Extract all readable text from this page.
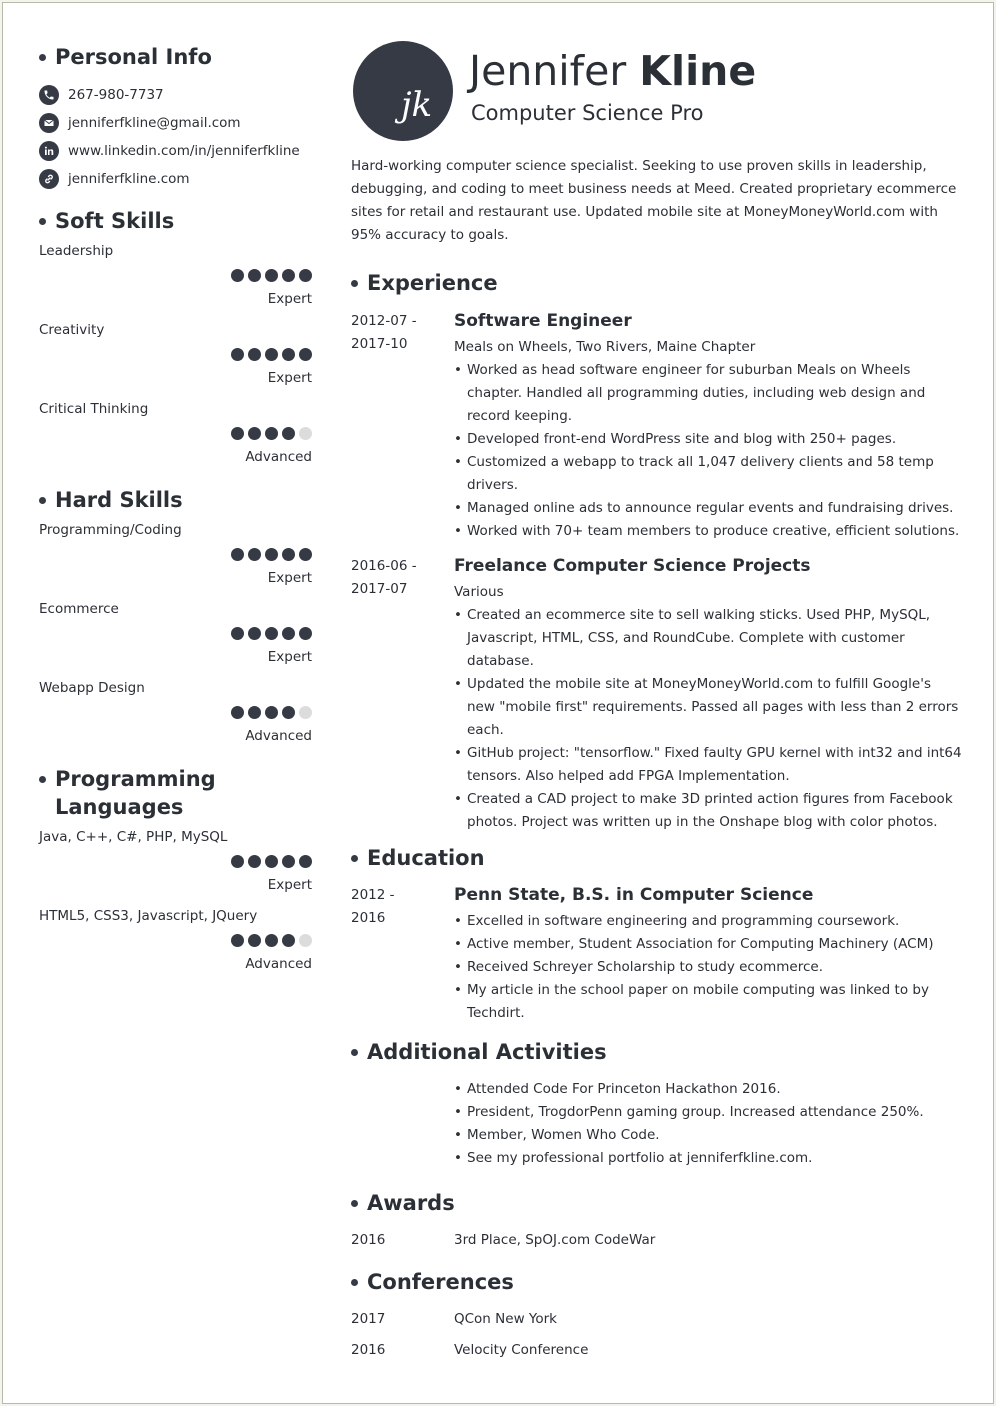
Personal Info
267-980-7737
jenniferfkline@gmail.com
www.linkedin.com/in/jenniferfkline
jenniferfkline.com
Soft Skills
Leadership
Expert
Creativity
Expert
Critical Thinking
Advanced
Hard Skills
Programming/Coding
Expert
Ecommerce
Expert
Webapp Design
Advanced
Programming Languages
Java, C++, C#, PHP, MySQL
Expert
HTML5, CSS3, Javascript, JQuery
Advanced
jk
Jennifer Kline
Computer Science Pro
Hard-working computer science specialist. Seeking to use proven skills in leadership, debugging, and coding to meet business needs at Meed. Created proprietary ecommerce sites for retail and restaurant use. Updated mobile site at MoneyMoneyWorld.com with 95% accuracy to goals.
Experience
2012-07 -
2017-10
Software Engineer
Meals on Wheels, Two Rivers, Maine Chapter
• Worked as head software engineer for suburban Meals on Wheels chapter. Handled all programming duties, including web design and record keeping.
• Developed front-end WordPress site and blog with 250+ pages.
• Customized a webapp to track all 1,047 delivery clients and 58 temp drivers.
• Managed online ads to announce regular events and fundraising drives.
• Worked with 70+ team members to produce creative, efficient solutions.
2016-06 -
2017-07
Freelance Computer Science Projects
Various
• Created an ecommerce site to sell walking sticks. Used PHP, MySQL, Javascript, HTML, CSS, and RoundCube. Complete with customer database.
• Updated the mobile site at MoneyMoneyWorld.com to fulfill Google's new "mobile first" requirements. Passed all pages with less than 2 errors each.
• GitHub project: "tensorflow." Fixed faulty GPU kernel with int32 and int64 tensors. Also helped add FPGA Implementation.
• Created a CAD project to make 3D printed action figures from Facebook photos. Project was written up in the Onshape blog with color photos.
Education
2012 -
2016
Penn State, B.S. in Computer Science
• Excelled in software engineering and programming coursework.
• Active member, Student Association for Computing Machinery (ACM)
• Received Schreyer Scholarship to study ecommerce.
• My article in the school paper on mobile computing was linked to by Techdirt.
Additional Activities
• Attended Code For Princeton Hackathon 2016.
• President, TrogdorPenn gaming group. Increased attendance 250%.
• Member, Women Who Code.
• See my professional portfolio at jenniferfkline.com.
Awards
2016	3rd Place, SpOJ.com CodeWar
Conferences
2017	QCon New York
2016	Velocity Conference
